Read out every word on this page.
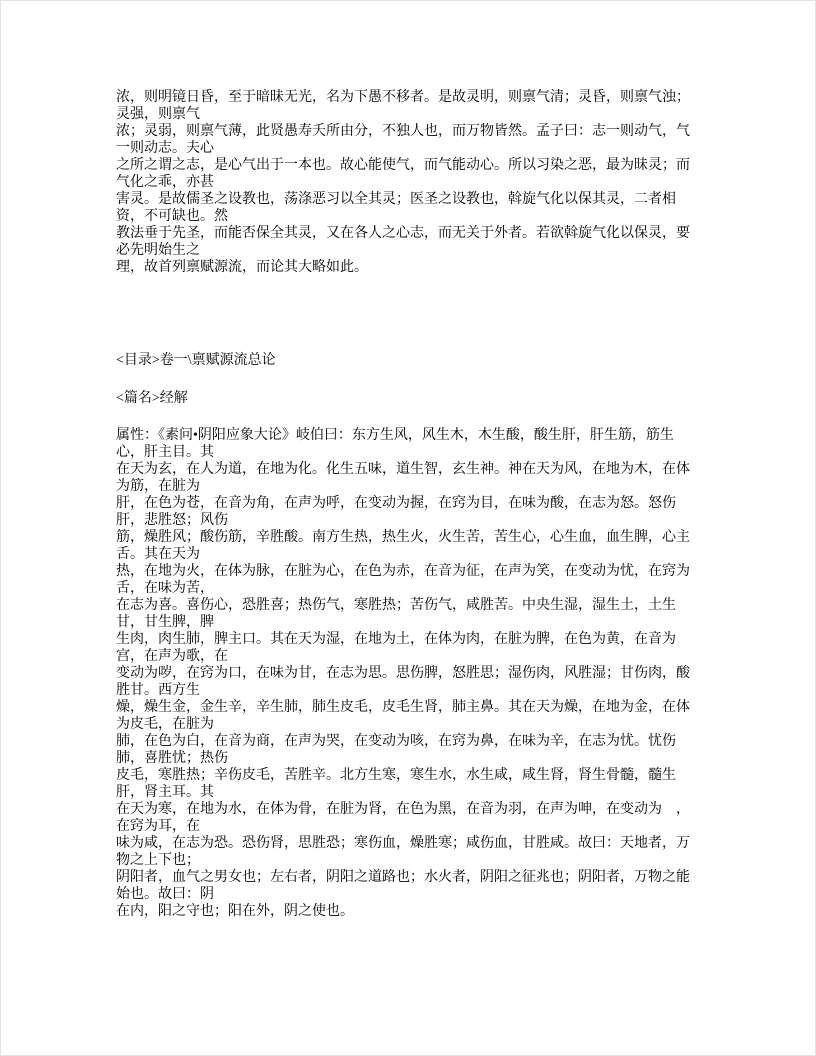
浓，则明镜日昏，至于暗昧无光，名为下愚不移者。是故灵明，则禀气清；灵昏，则禀气浊；
灵强，则禀气
浓；灵弱，则禀气薄，此贤愚寿夭所由分，不独人也，而万物皆然。孟子曰：志一则动气，气
一则动志。夫心
之所之谓之志，是心气出于一本也。故心能使气，而气能动心。所以习染之恶，最为昧灵；而
气化之乖，亦甚
害灵。是故儒圣之设教也，荡涤恶习以全其灵；医圣之设教也，斡旋气化以保其灵，二者相
资，不可缺也。然
教法垂于先圣，而能否保全其灵，又在各人之心志，而无关于外者。若欲斡旋气化以保灵，要
必先明始生之
理，故首列禀赋源流，而论其大略如此。
<目录>卷一\禀赋源流总论
<篇名>经解
属性：《素问•阴阳应象大论》岐伯曰：东方生风，风生木，木生酸，酸生肝，肝生筋，筋生
心，肝主目。其
在天为玄，在人为道，在地为化。化生五味，道生智，玄生神。神在天为风，在地为木，在体
为筋，在脏为
肝，在色为苍，在音为角，在声为呼，在变动为握，在窍为目，在味为酸，在志为怒。怒伤
肝，悲胜怒；风伤
筋，燥胜风；酸伤筋，辛胜酸。南方生热，热生火，火生苦，苦生心，心生血，血生脾，心主
舌。其在天为
热，在地为火，在体为脉，在脏为心，在色为赤，在音为征，在声为笑，在变动为忧，在窍为
舌，在味为苦，
在志为喜。喜伤心，恐胜喜；热伤气，寒胜热；苦伤气，咸胜苦。中央生湿，湿生土，土生
甘，甘生脾，脾
生肉，肉生肺，脾主口。其在天为湿，在地为土，在体为肉，在脏为脾，在色为黄，在音为
宫，在声为歌，在
变动为哕，在窍为口，在味为甘，在志为思。思伤脾，怒胜思；湿伤肉，风胜湿；甘伤肉，酸
胜甘。西方生
燥，燥生金，金生辛，辛生肺，肺生皮毛，皮毛生肾，肺主鼻。其在天为燥，在地为金，在体
为皮毛，在脏为
肺，在色为白，在音为商，在声为哭，在变动为咳，在窍为鼻，在味为辛，在志为忧。忧伤
肺，喜胜忧；热伤
皮毛，寒胜热；辛伤皮毛，苦胜辛。北方生寒，寒生水，水生咸，咸生肾，肾生骨髓，髓生
肝，肾主耳。其
在天为寒，在地为水，在体为骨，在脏为肾，在色为黑，在音为羽，在声为呻，在变动为　，
在窍为耳，在
味为咸，在志为恐。恐伤肾，思胜恐；寒伤血，燥胜寒；咸伤血，甘胜咸。故曰：天地者，万
物之上下也；
阴阳者，血气之男女也；左右者，阴阳之道路也；水火者，阴阳之征兆也；阴阳者，万物之能
始也。故曰：阴
在内，阳之守也；阳在外，阴之使也。
